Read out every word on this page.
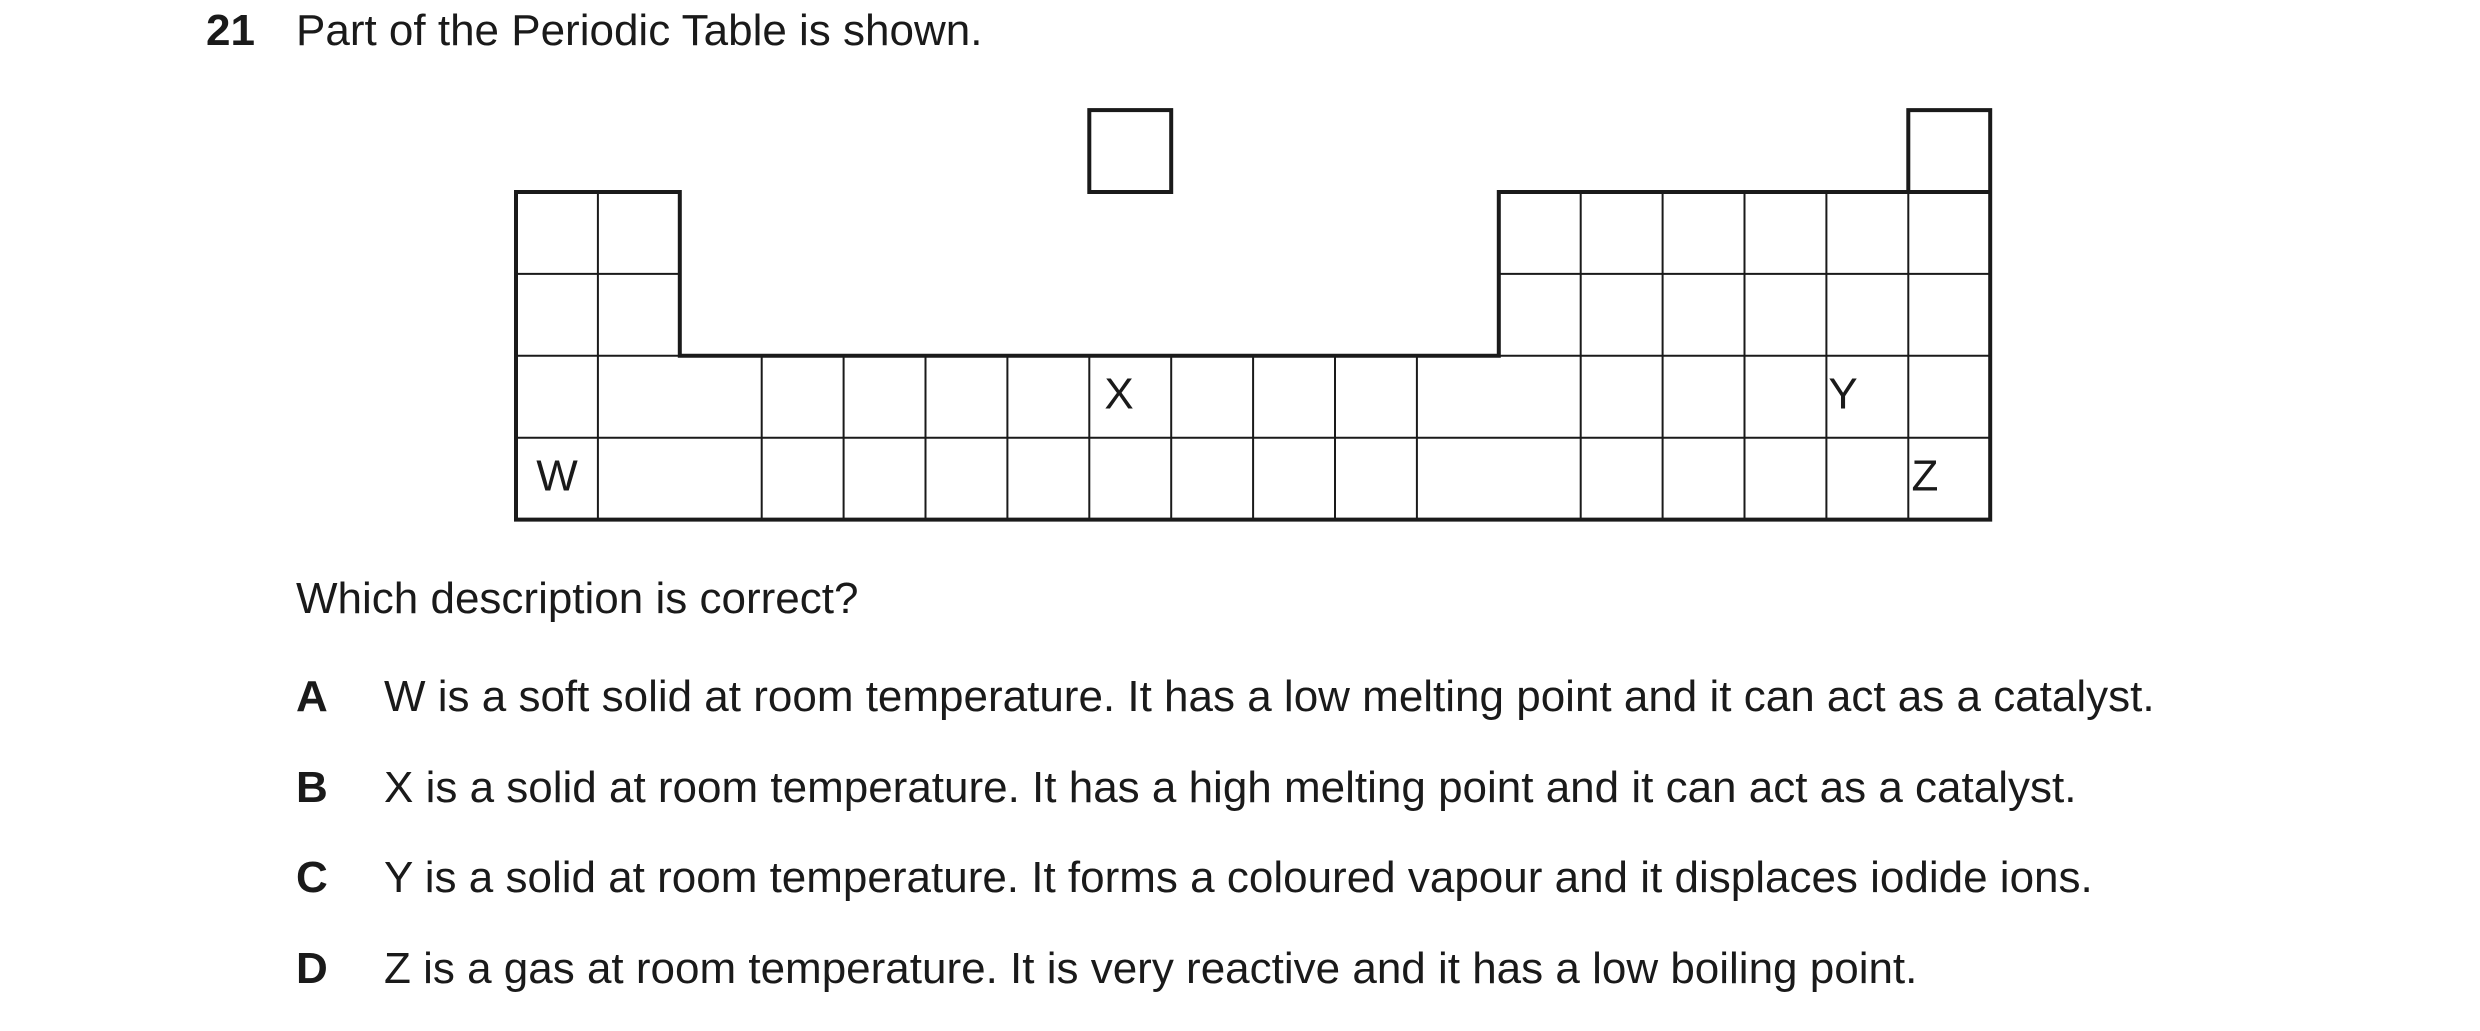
21 Part of the Periodic Table is shown.
X	Y
W	Z
Which description is correct?
A W is a soft solid at room temperature. It has a low melting point and it can act as a catalyst.
B X is a solid at room temperature. It has a high melting point and it can act as a catalyst.
C Y is a solid at room temperature. It forms a coloured vapour and it displaces iodide ions.
D Z is a gas at room temperature. It is very reactive and it has a low boiling point.
